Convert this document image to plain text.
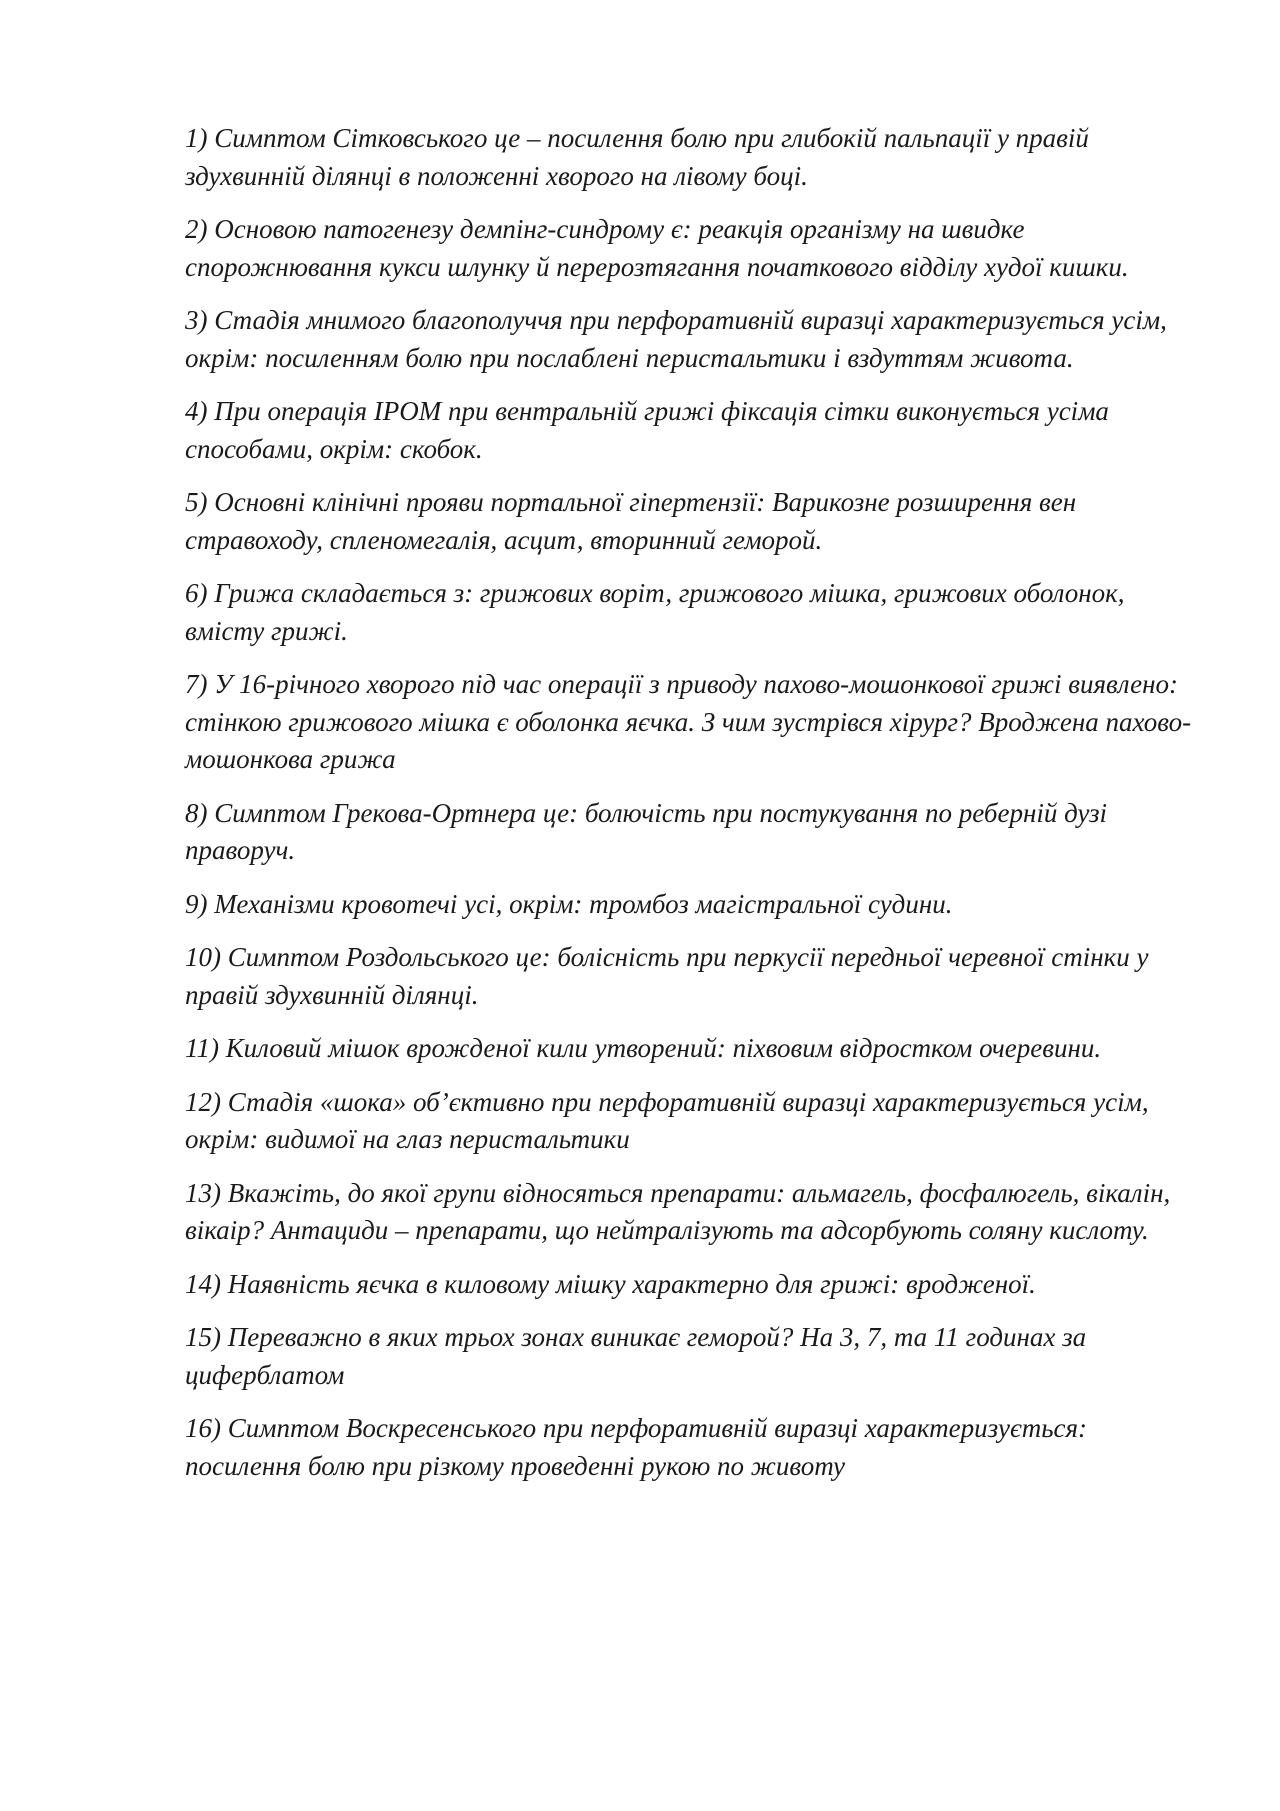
1) Симптом Сітковського це – посилення болю при глибокій пальпації у правій здухвинній ділянці в положенні хворого на лівому боці.

2) Основою патогенезу демпінг-синдрому є: реакція організму на швидке спорожнювання кукси шлунку й перерозтягання початкового відділу худої кишки.

3) Стадія мнимого благополуччя при перфоративній виразці характеризується усім, окрім: посиленням болю при послаблені перистальтики і вздуттям живота.

4) При операція IPOM при вентральній грижі фіксація сітки виконується усіма способами, окрім: скобок.

5) Основні клінічні прояви портальної гіпертензії: Варикозне розширення вен стравоходу, спленомегалія, асцит, вторинний геморой.

6) Грижа складається з: грижових воріт, грижового мішка, грижових оболонок, вмісту грижі.

7) У 16-річного хворого під час операції з приводу пахово-мошонкової грижі виявлено: стінкою грижового мішка є оболонка яєчка. З чим зустрівся хірург? Вроджена пахово-мошонкова грижа

8) Симптом Грекова-Ортнера це: болючість при постукування по реберній дузі праворуч.

9) Механізми кровотечі усі, окрім: тромбоз магістральної судини.

10) Симптом Роздольського це: болісність при перкусії передньої черевної стінки у правій здухвинній ділянці.

11) Киловий мішок врожденої кили утворений: піхвовим відростком очеревини.

12) Стадія «шока» об’єктивно при перфоративній виразці характеризується усім, окрім: видимої на глаз перистальтики

13) Вкажіть, до якої групи відносяться препарати: альмагель, фосфалюгель, вікалін, вікаір? Антациди – препарати, що нейтралізують та адсорбують соляну кислоту.

14) Наявність яєчка в киловому мішку характерно для грижі: вродженої.

15) Переважно в яких трьох зонах виникає геморой? На 3, 7, та 11 годинах за циферблатом

16) Симптом Воскресенського при перфоративній виразці характеризується: посилення болю при різкому проведенні рукою по животу
